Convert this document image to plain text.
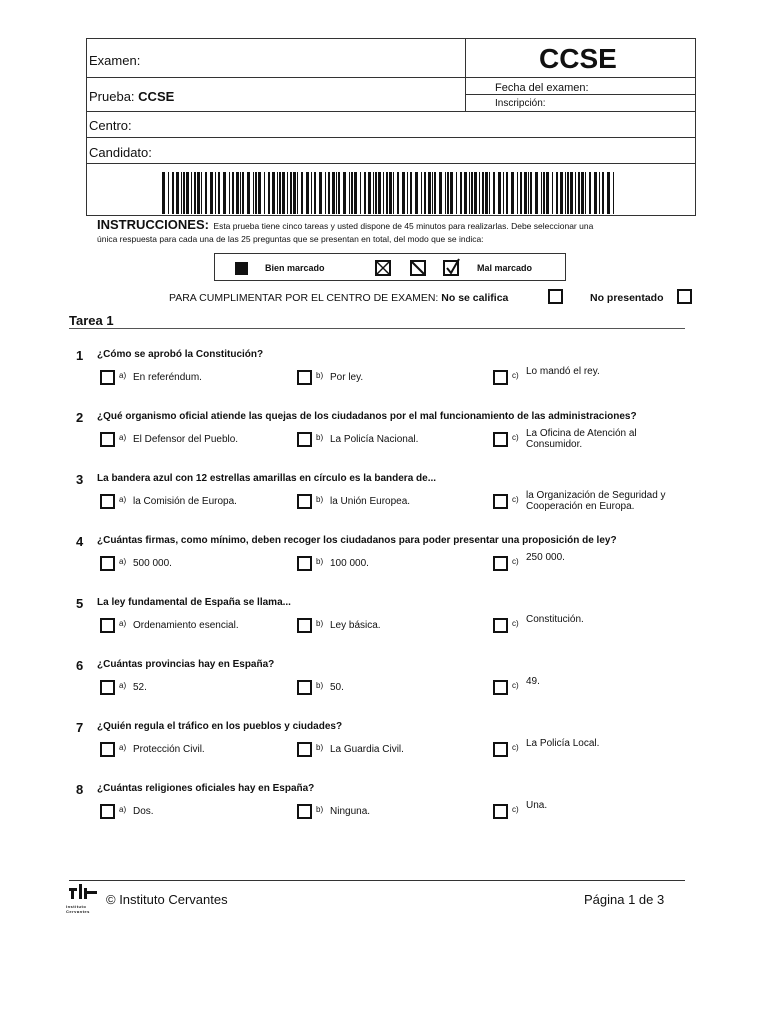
Examen:	CCSE
Prueba: CCSE
Fecha del examen:
Inscripción:
Centro:
Candidato:
INSTRUCCIONES: Esta prueba tiene cinco tareas y usted dispone de 45 minutos para realizarlas. Debe seleccionar una
única respuesta para cada una de las 25 preguntas que se presentan en total, del modo que se indica:
Bien marcado	Mal marcado
PARA CUMPLIMENTAR POR EL CENTRO DE EXAMEN: No se califica	No presentado
Tarea 1
1 ¿Cómo se aprobó la Constitución?
a) En referéndum.	b) Por ley.	c) Lo mandó el rey.
2 ¿Qué organismo oficial atiende las quejas de los ciudadanos por el mal funcionamiento de las administraciones?
a) El Defensor del Pueblo.	b) La Policía Nacional.	c) La Oficina de Atención al Consumidor.
3 La bandera azul con 12 estrellas amarillas en círculo es la bandera de...
a) la Comisión de Europa.	b) la Unión Europea.	c) la Organización de Seguridad y Cooperación en Europa.
4 ¿Cuántas firmas, como mínimo, deben recoger los ciudadanos para poder presentar una proposición de ley?
a) 500 000.	b) 100 000.	c) 250 000.
5 La ley fundamental de España se llama...
a) Ordenamiento esencial.	b) Ley básica.	c) Constitución.
6 ¿Cuántas provincias hay en España?
a) 52.	b) 50.	c) 49.
7 ¿Quién regula el tráfico en los pueblos y ciudades?
a) Protección Civil.	b) La Guardia Civil.	c) La Policía Local.
8 ¿Cuántas religiones oficiales hay en España?
a) Dos.	b) Ninguna.	c) Una.
Instituto Cervantes
© Instituto Cervantes	Página 1 de 3
